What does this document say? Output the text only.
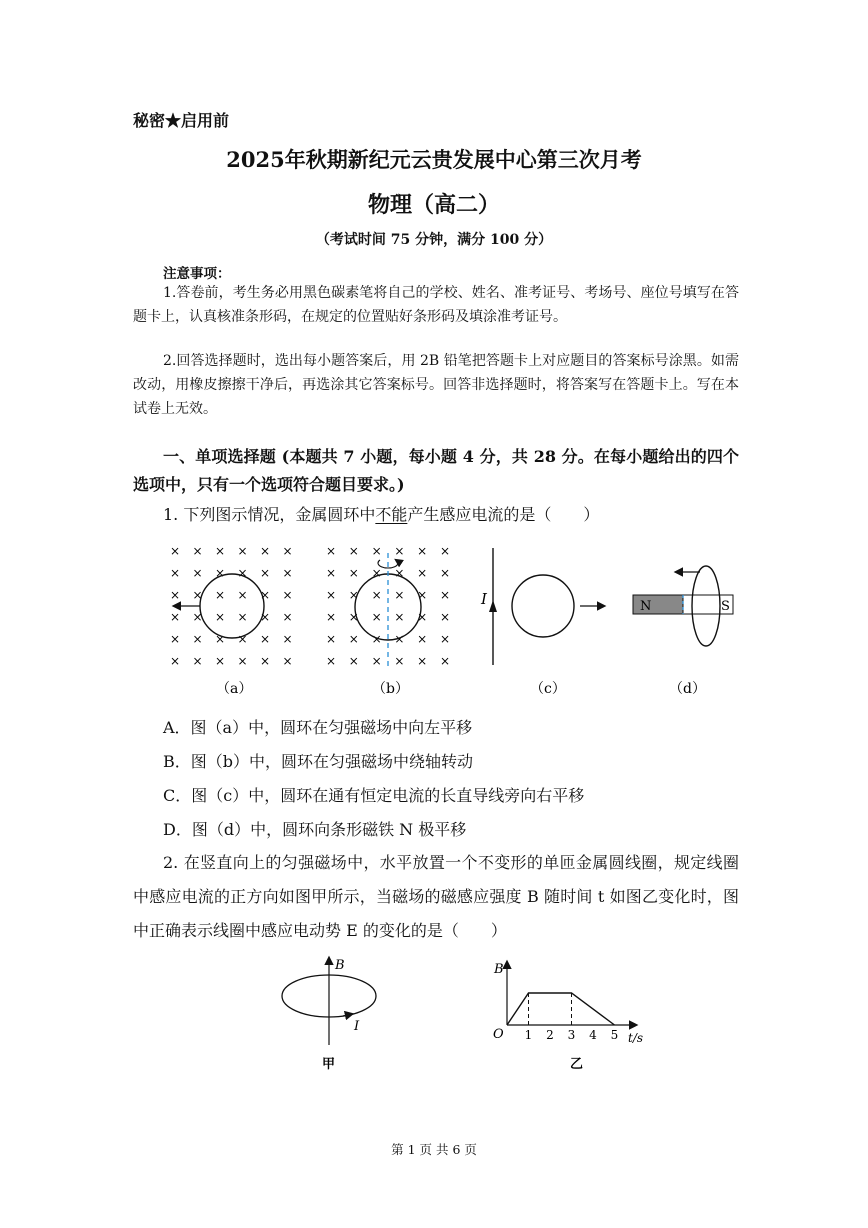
秘密★启用前
2025年秋期新纪元云贵发展中心第三次月考
物理（高二）
（考试时间 75 分钟，满分 100 分）
注意事项：
1.答卷前，考生务必用黑色碳素笔将自己的学校、姓名、准考证号、考场号、座位号填写在答题卡上，认真核准条形码，在规定的位置贴好条形码及填涂准考证号。
2.回答选择题时，选出每小题答案后，用 2B 铅笔把答题卡上对应题目的答案标号涂黑。如需改动，用橡皮擦擦干净后，再选涂其它答案标号。回答非选择题时，将答案写在答题卡上。写在本试卷上无效。
一、单项选择题 (本题共 7 小题，每小题 4 分，共 28 分。在每小题给出的四个选项中，只有一个选项符合题目要求。)
1. 下列图示情况，金属圆环中不能产生感应电流的是（　　）
× × × × × ×
× × × × × ×
× × × × × ×
× × × × × ×
× × × × × ×
× × × × × ×
× × × × × ×
× × × × × ×
× × × × × ×
× × × × × ×
× × × × × ×
× × × × × ×
I	N	S
（a）	（b）	（c）	（d）
A．图（a）中，圆环在匀强磁场中向左平移
B．图（b）中，圆环在匀强磁场中绕轴转动
C．图（c）中，圆环在通有恒定电流的长直导线旁向右平移
D．图（d）中，圆环向条形磁铁 N 极平移
2. 在竖直向上的匀强磁场中，水平放置一个不变形的单匝金属圆线圈，规定线圈中感应电流的正方向如图甲所示，当磁场的磁感应强度 B 随时间 t 如图乙变化时，图中正确表示线圈中感应电动势 E 的变化的是（　　）
B
I
甲
B
O	t/s
1 2 3 4 5
乙
第 1 页 共 6 页
